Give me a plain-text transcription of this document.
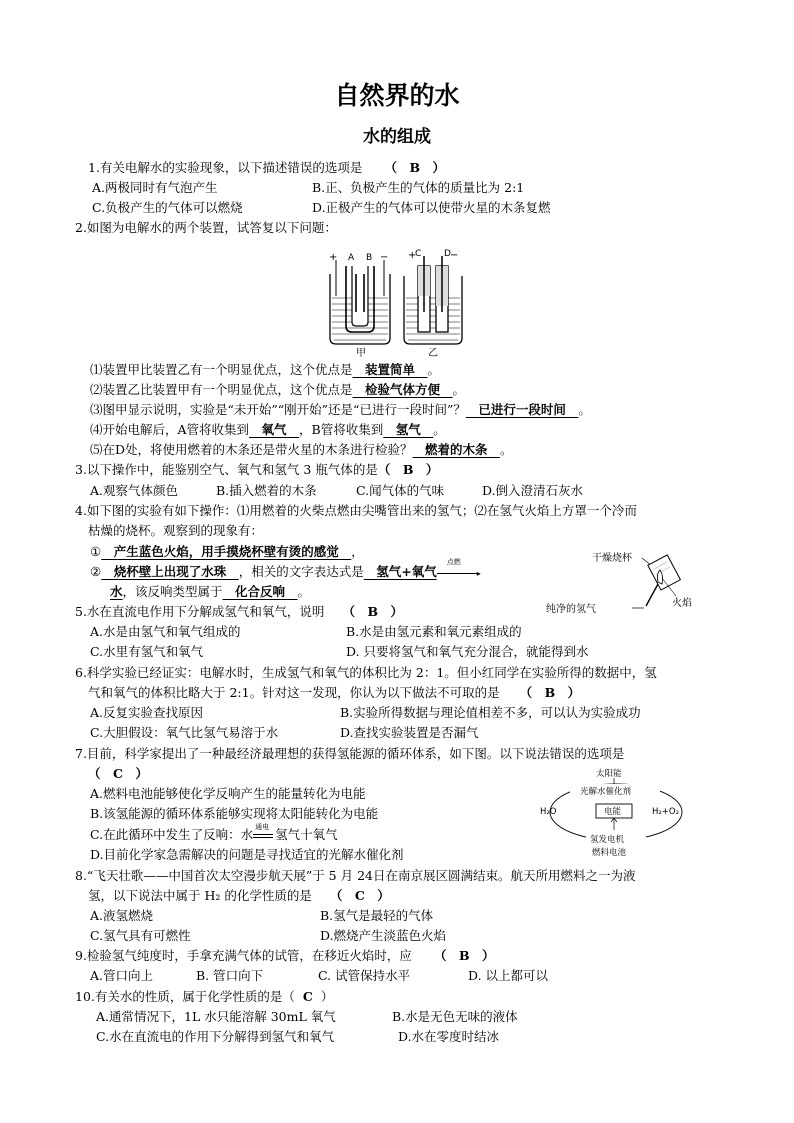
自然界的水
水的组成
1.有关电解水的实验现象，以下描述错误的选项是 （　B　）
A.两极同时有气泡产生	B.正、负极产生的气体的质量比为 2:1
C.负极产生的气体可以燃烧	D.正极产生的气体可以使带火星的木条复燃
2.如图为电解水的两个装置，试答复以下问题：
+	−
A B
甲
+	−
C	D
乙
⑴装置甲比装置乙有一个明显优点，这个优点是　装置简单　。
⑵装置乙比装置甲有一个明显优点，这个优点是　检验气体方便　。
⑶图甲显示说明，实验是“未开始”“刚开始”还是“已进行一段时间”？　已进行一段时间　。
⑷开始电解后，A管将收集到　氧气　，B管将收集到　氢气　。
⑸在D处，将使用燃着的木条还是带火星的木条进行检验？　燃着的木条　。
3.以下操作中，能鉴别空气、氧气和氢气 3 瓶气体的是（　B　）
A.观察气体颜色	B.插入燃着的木条	C.闻气体的气味	D.倒入澄清石灰水
4.如下图的实验有如下操作：⑴用燃着的火柴点燃由尖嘴管出来的氢气；⑵在氢气火焰上方罩一个冷而
枯燥的烧杯。观察到的现象有：
①　产生蓝色火焰，用手摸烧杯壁有烫的感觉　，
②　烧杯壁上出现了水珠　，相关的文字表达式是　氢气+氧气
点燃
▸
水，该反响类型属于　化合反响　。
干燥烧杯
火焰
纯净的氢气
5.水在直流电作用下分解成氢气和氧气，说明 （　B　）
A.水是由氢气和氧气组成的	B.水是由氢元素和氧元素组成的
C.水里有氢气和氧气	D. 只要将氢气和氧气充分混合，就能得到水
6.科学实验已经证实：电解水时，生成氢气和氧气的体积比为 2：1。但小红同学在实验所得的数据中，氢
气和氧气的体积比略大于 2:1。针对这一发现，你认为以下做法不可取的是 （　B　）
A.反复实验查找原因	B.实验所得数据与理论值相差不多，可以认为实验成功
C.大胆假设：氧气比氢气易溶于水	D.查找实验装置是否漏气
7.目前，科学家提出了一种最经济最理想的获得氢能源的循环体系，如下图。以下说法错误的选项是
（　C　）
A.燃料电池能够使化学反响产生的能量转化为电能
B.该氢能源的循环体系能够实现将太阳能转化为电能
C.在此循环中发生了反响：水
通电
氢气十氧气
D.目前化学家急需解决的问题是寻找适宜的光解水催化剂
太阳能
光解水催化剂
H₂O	H₂+O₂
电能
氢发电机
燃料电池
8.“飞天壮歌——中国首次太空漫步航天展”于 5 月 24日在南京展区圆满结束。航天所用燃料之一为液
氢，以下说法中属于 H₂ 的化学性质的是 （　C　）
A.液氢燃烧	B.氢气是最轻的气体
C.氢气具有可燃性	D.燃烧产生淡蓝色火焰
9.检验氢气纯度时，手拿充满气体的试管，在移近火焰时，应 （　B　）
A.管口向上	B. 管口向下	C. 试管保持水平	D. 以上都可以
10.有关水的性质，属于化学性质的是（ C ）
A.通常情况下，1L 水只能溶解 30mL 氧气	B.水是无色无味的液体
C.水在直流电的作用下分解得到氢气和氧气	D.水在零度时结冰
